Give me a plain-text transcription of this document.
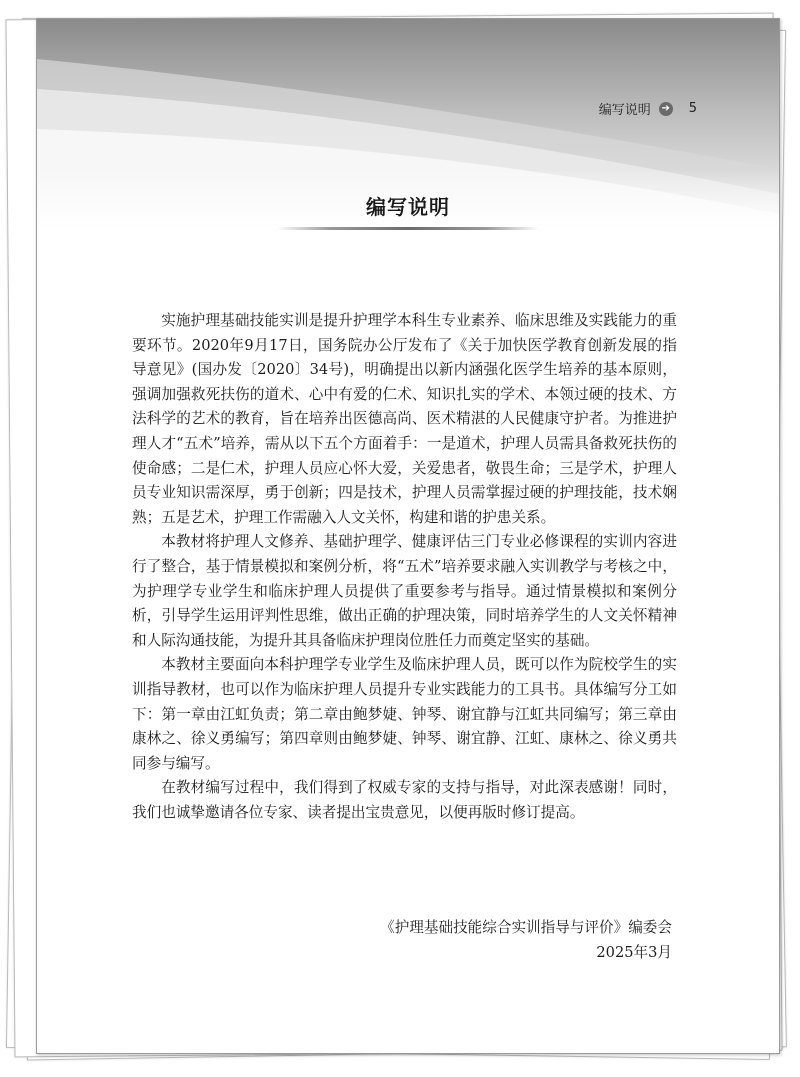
编写说明 ➔ 5
编写说明

实施护理基础技能实训是提升护理学本科生专业素养、临床思维及实践能力的重要环节。2020年9月17日，国务院办公厅发布了《关于加快医学教育创新发展的指导意见》(国办发〔2020〕34号)，明确提出以新内涵强化医学生培养的基本原则，强调加强救死扶伤的道术、心中有爱的仁术、知识扎实的学术、本领过硬的技术、方法科学的艺术的教育，旨在培养出医德高尚、医术精湛的人民健康守护者。为推进护理人才“五术”培养，需从以下五个方面着手：一是道术，护理人员需具备救死扶伤的使命感；二是仁术，护理人员应心怀大爱，关爱患者，敬畏生命；三是学术，护理人员专业知识需深厚，勇于创新；四是技术，护理人员需掌握过硬的护理技能，技术娴熟；五是艺术，护理工作需融入人文关怀，构建和谐的护患关系。

本教材将护理人文修养、基础护理学、健康评估三门专业必修课程的实训内容进行了整合，基于情景模拟和案例分析，将“五术”培养要求融入实训教学与考核之中，为护理学专业学生和临床护理人员提供了重要参考与指导。通过情景模拟和案例分析，引导学生运用评判性思维，做出正确的护理决策，同时培养学生的人文关怀精神和人际沟通技能，为提升其具备临床护理岗位胜任力而奠定坚实的基础。

本教材主要面向本科护理学专业学生及临床护理人员，既可以作为院校学生的实训指导教材，也可以作为临床护理人员提升专业实践能力的工具书。具体编写分工如下：第一章由江虹负责；第二章由鲍梦婕、钟琴、谢宜静与江虹共同编写；第三章由康林之、徐义勇编写；第四章则由鲍梦婕、钟琴、谢宜静、江虹、康林之、徐义勇共同参与编写。

在教材编写过程中，我们得到了权威专家的支持与指导，对此深表感谢！同时，我们也诚挚邀请各位专家、读者提出宝贵意见，以便再版时修订提高。

《护理基础技能综合实训指导与评价》编委会
2025年3月
